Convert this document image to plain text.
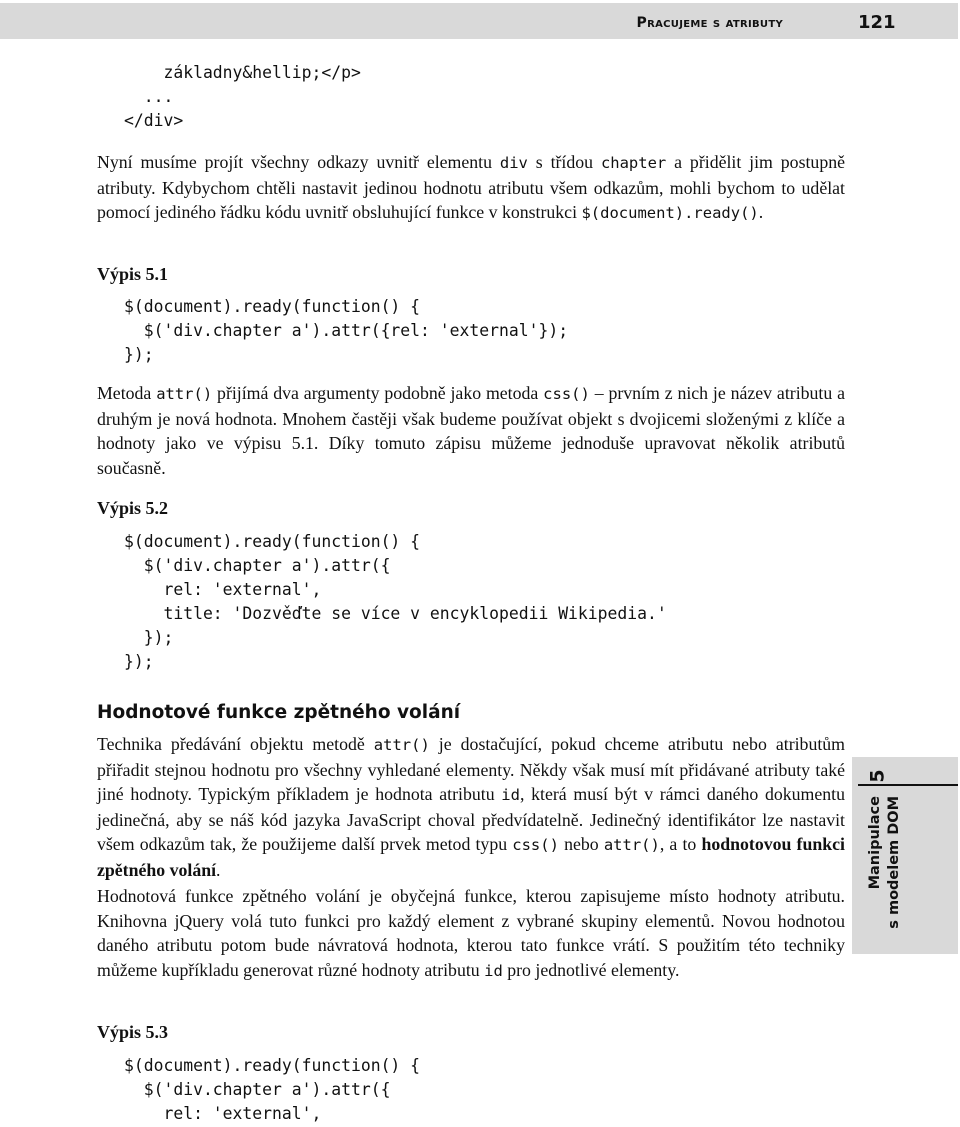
Pracujeme s atributy	121
základny&hellip;</p>
...
</div>

Nyní musíme projít všechny odkazy uvnitř elementu div s třídou chapter a přidělit jim postupně atributy. Kdybychom chtěli nastavit jedinou hodnotu atributu všem odkazům, mohli bychom to udělat pomocí jediného řádku kódu uvnitř obsluhující funkce v konstrukci $(document).ready().

Výpis 5.1
$(document).ready(function() {
$('div.chapter a').attr({rel: 'external'});
});

Metoda attr() přijímá dva argumenty podobně jako metoda css() – prvním z nich je název atributu a druhým je nová hodnota. Mnohem častěji však budeme používat objekt s dvojicemi složenými z klíče a hodnoty jako ve výpisu 5.1. Díky tomuto zápisu můžeme jednoduše upravovat několik atributů současně.

Výpis 5.2
$(document).ready(function() {
$('div.chapter a').attr({
rel: 'external',
title: 'Dozvěďte se více v encyklopedii Wikipedia.'
});
});
Hodnotové funkce zpětného volání

Technika předávání objektu metodě attr() je dostačující, pokud chceme atributu nebo atributům přiřadit stejnou hodnotu pro všechny vyhledané elementy. Někdy však musí mít přidávané atributy také jiné hodnoty. Typickým příkladem je hodnota atributu id, která musí být v rámci daného dokumentu jedinečná, aby se náš kód jazyka JavaScript choval předvídatelně. Jedinečný identifikátor lze nastavit všem odkazům tak, že použijeme další prvek metod typu css() nebo attr(), a to hodnotovou funkci zpětného volání.

Hodnotová funkce zpětného volání je obyčejná funkce, kterou zapisujeme místo hodnoty atributu. Knihovna jQuery volá tuto funkci pro každý element z vybrané skupiny elementů. Novou hodnotou daného atributu potom bude návratová hodnota, kterou tato funkce vrátí. S použitím této techniky můžeme kupříkladu generovat různé hodnoty atributu id pro jednotlivé elementy.

Výpis 5.3
$(document).ready(function() {
$('div.chapter a').attr({
rel: 'external',
5
Manipulace s modelem DOM
